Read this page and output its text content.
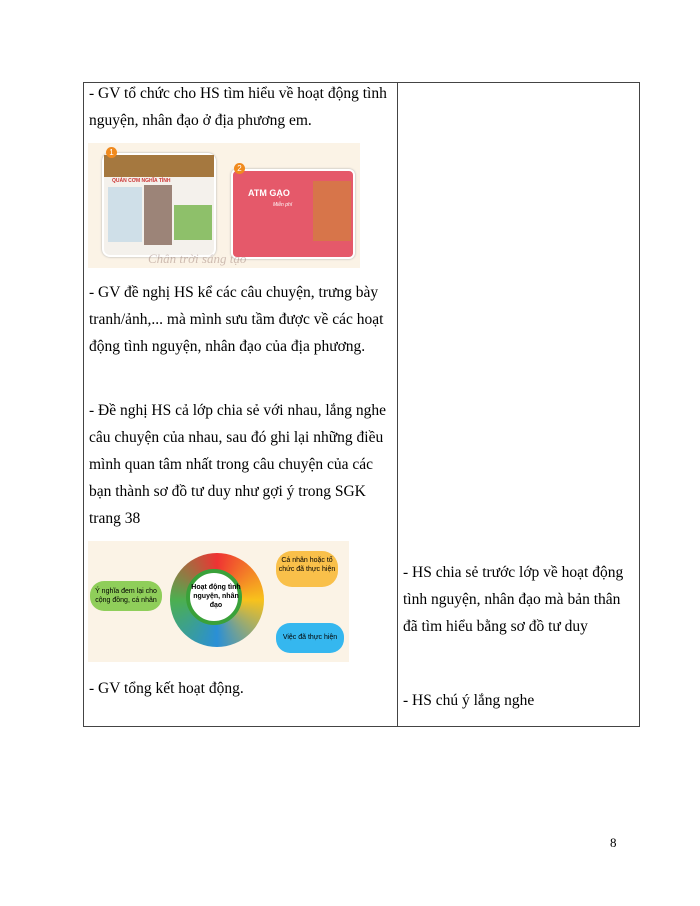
- GV tổ chức cho HS tìm hiểu về hoạt động tình nguyện, nhân đạo ở địa phương em.

QUÁN CƠM NGHĨA TÌNH
1
ATM GẠO
Miễn phí
2
Chân trời sáng tạo

- GV đề nghị HS kể các câu chuyện, trưng bày tranh/ảnh,... mà mình sưu tầm được về các hoạt động tình nguyện, nhân đạo của địa phương.

- Đề nghị HS cả lớp chia sẻ với nhau, lắng nghe câu chuyện của nhau, sau đó ghi lại những điều mình quan tâm nhất trong câu chuyện của các bạn thành sơ đồ tư duy như gợi ý trong SGK trang 38

Hoạt động tình nguyện, nhân đạo
Ý nghĩa đem lại cho cộng đồng, cá nhân
Cá nhân hoặc tổ chức đã thực hiện
Việc đã thực hiện

- GV tổng kết hoạt động.

- HS chia sẻ trước lớp về hoạt động tình nguyện, nhân đạo mà bản thân đã tìm hiểu bằng sơ đồ tư duy

- HS chú ý lắng nghe

8
